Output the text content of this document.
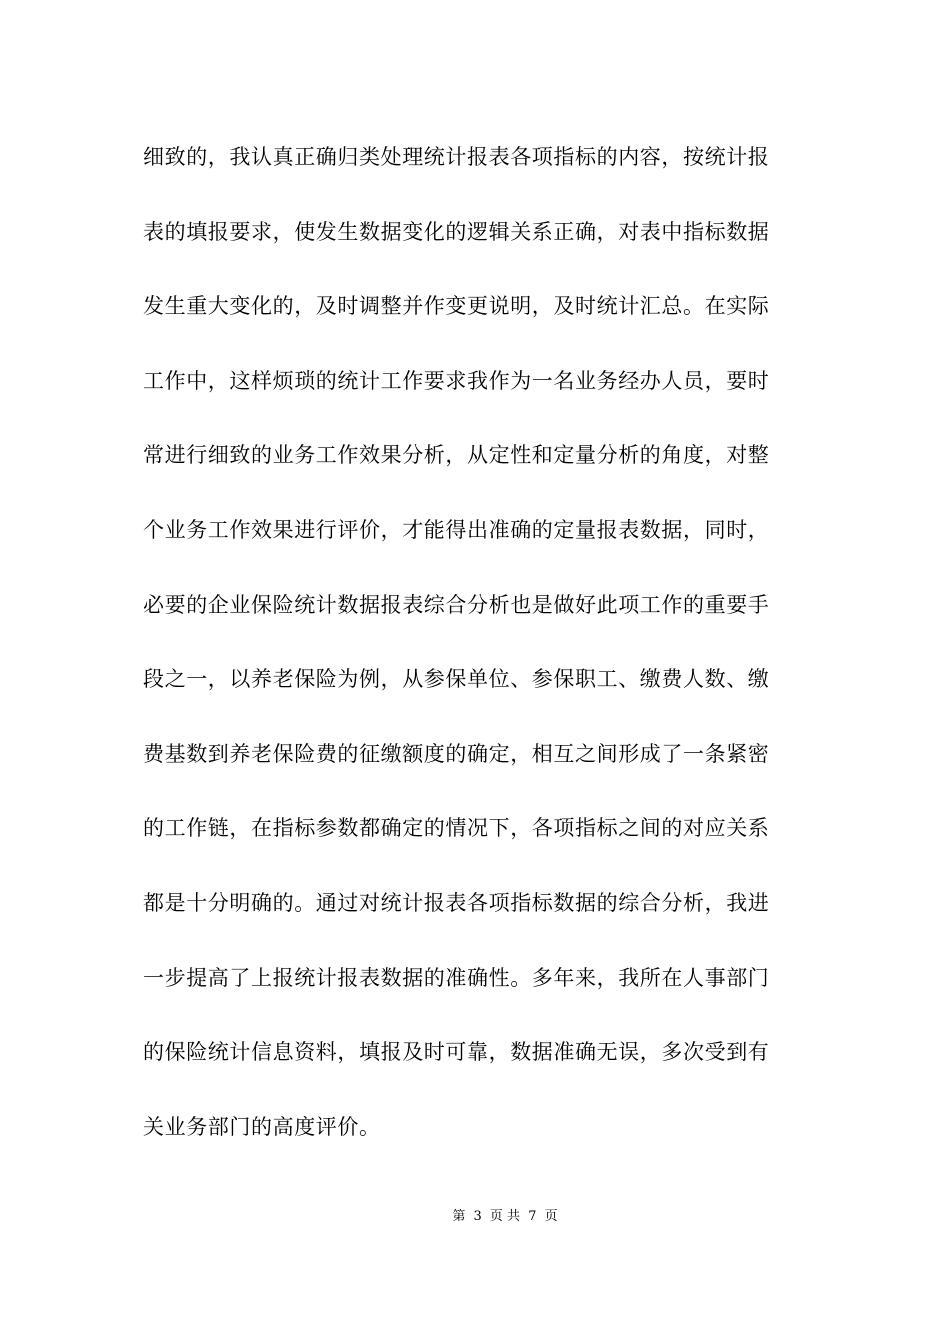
细致的，我认真正确归类处理统计报表各项指标的内容，按统计报
表的填报要求，使发生数据变化的逻辑关系正确，对表中指标数据
发生重大变化的，及时调整并作变更说明，及时统计汇总。在实际
工作中，这样烦琐的统计工作要求我作为一名业务经办人员，要时
常进行细致的业务工作效果分析，从定性和定量分析的角度，对整
个业务工作效果进行评价，才能得出准确的定量报表数据，同时，
必要的企业保险统计数据报表综合分析也是做好此项工作的重要手
段之一，以养老保险为例，从参保单位、参保职工、缴费人数、缴
费基数到养老保险费的征缴额度的确定，相互之间形成了一条紧密
的工作链，在指标参数都确定的情况下，各项指标之间的对应关系
都是十分明确的。通过对统计报表各项指标数据的综合分析，我进
一步提高了上报统计报表数据的准确性。多年来，我所在人事部门
的保险统计信息资料，填报及时可靠，数据准确无误，多次受到有
关业务部门的高度评价。
第 3 页 共 7 页
